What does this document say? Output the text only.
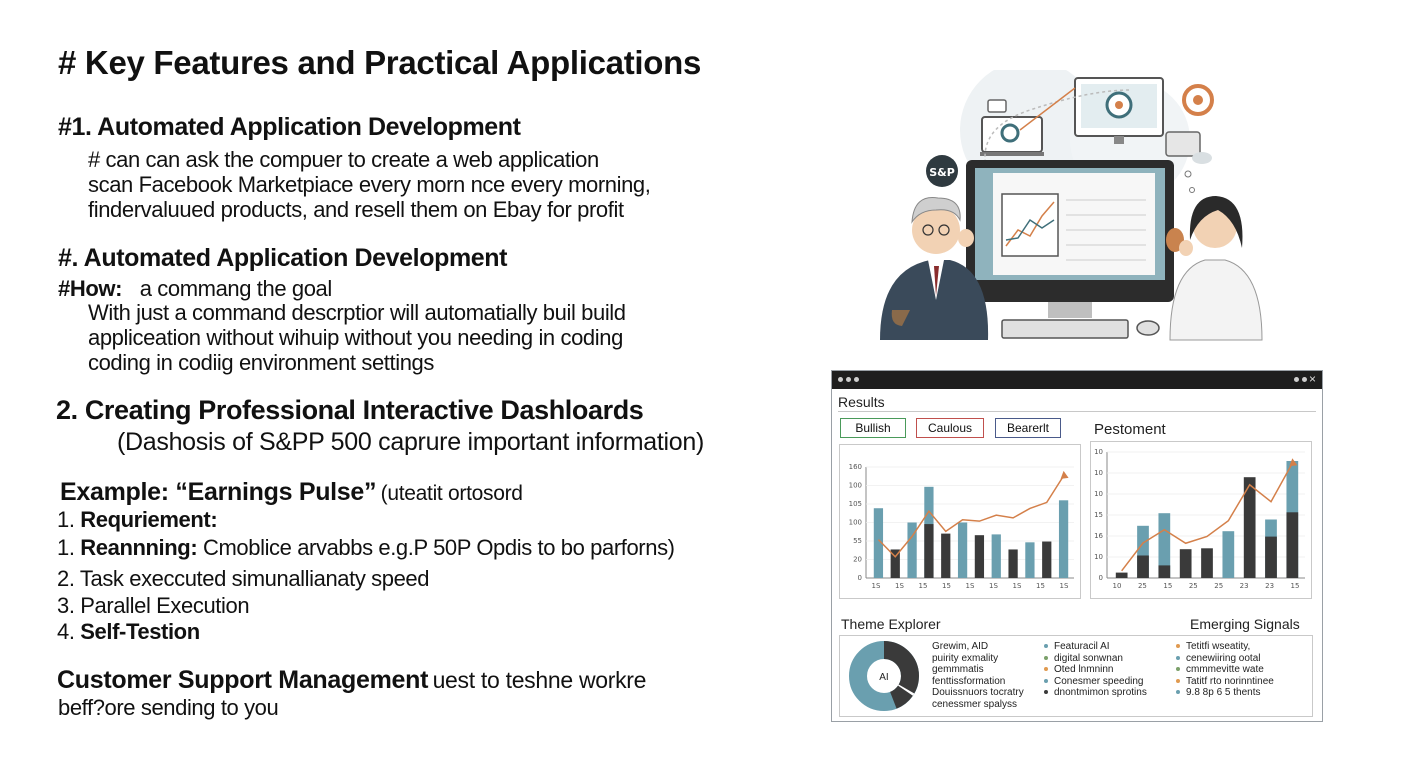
# Key Features and Practical Applications
#1. Automated Application Development
# can can ask the compuer to create a web application
scan Facebook Marketpiace every morn nce every morning,
findervaluued products, and resell them on Ebay for profit
#. Automated Application Development
#How: a commang the goal
With just a command descrptior will automatially buil build
appliceation without wihuip without you needing in coding
coding in codiig environment settings
2. Creating Professional Interactive Dashloards
(Dashosis of S&PP 500 caprure important information)
Example: “Earnings Pulse” (uteatit ortosord
1. Requriement:
1. Reannning: Cmoblice arvabbs e.g.P 50P Opdis to bo parforns)
2. Task execcuted simunallianaty speed
3. Parallel Execution
4. Self-Testion
Customer Support Management uest to teshne workre
beff?ore sending to you
S&P
×
Results
Bullish	Caulous	Bearerlt	Pestoment
0
20
55
100
105
100
160
1S 1S 15 15 1S 1S 1S 15 1S
0
10
16
15
10
10
10
10 25 15 25 25 23 23 15
Theme Explorer	Emerging Signals
AI
Grewim, AID
puirity exmality
gemmmatis
fenttissformation
Douissnuors tocratry
cenessmer spalyss
Featuracil AI
digital sonwnan
Oted lnmninn
Conesmer speeding
dnontmimon sprotins
Tetitfi wseatity,
cenewiiring ootal
cmmmevitte wate
Tatitf rto norinntinee
9.8 8p 6 5 thents
